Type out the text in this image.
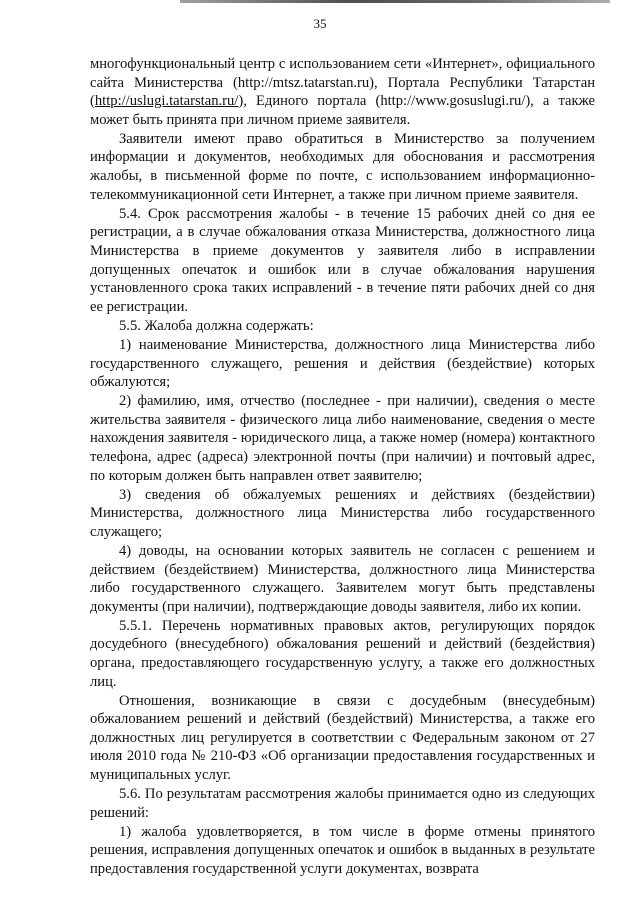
35

многофункциональный центр с использованием сети «Интернет», официального сайта Министерства (http://mtsz.tatarstan.ru), Портала Республики Татарстан (http://uslugi.tatarstan.ru/), Единого портала (http://www.gosuslugi.ru/), а также может быть принята при личном приеме заявителя.

Заявители имеют право обратиться в Министерство за получением информации и документов, необходимых для обоснования и рассмотрения жалобы, в письменной форме по почте, с использованием информационно-телекоммуникационной сети Интернет, а также при личном приеме заявителя.

5.4. Срок рассмотрения жалобы - в течение 15 рабочих дней со дня ее регистрации, а в случае обжалования отказа Министерства, должностного лица Министерства в приеме документов у заявителя либо в исправлении допущенных опечаток и ошибок или в случае обжалования нарушения установленного срока таких исправлений - в течение пяти рабочих дней со дня ее регистрации.

5.5. Жалоба должна содержать:

1) наименование Министерства, должностного лица Министерства либо государственного служащего, решения и действия (бездействие) которых обжалуются;

2) фамилию, имя, отчество (последнее - при наличии), сведения о месте жительства заявителя - физического лица либо наименование, сведения о месте нахождения заявителя - юридического лица, а также номер (номера) контактного телефона, адрес (адреса) электронной почты (при наличии) и почтовый адрес, по которым должен быть направлен ответ заявителю;

3) сведения об обжалуемых решениях и действиях (бездействии) Министерства, должностного лица Министерства либо государственного служащего;

4) доводы, на основании которых заявитель не согласен с решением и действием (бездействием) Министерства, должностного лица Министерства либо государственного служащего. Заявителем могут быть представлены документы (при наличии), подтверждающие доводы заявителя, либо их копии.

5.5.1. Перечень нормативных правовых актов, регулирующих порядок досудебного (внесудебного) обжалования решений и действий (бездействия) органа, предоставляющего государственную услугу, а также его должностных лиц.

Отношения, возникающие в связи с досудебным (внесудебным) обжалованием решений и действий (бездействий) Министерства, а также его должностных лиц регулируется в соответствии с Федеральным законом от 27 июля 2010 года № 210-ФЗ «Об организации предоставления государственных и муниципальных услуг.

5.6. По результатам рассмотрения жалобы принимается одно из следующих решений:

1) жалоба удовлетворяется, в том числе в форме отмены принятого решения, исправления допущенных опечаток и ошибок в выданных в результате предоставления государственной услуги документах, возврата
